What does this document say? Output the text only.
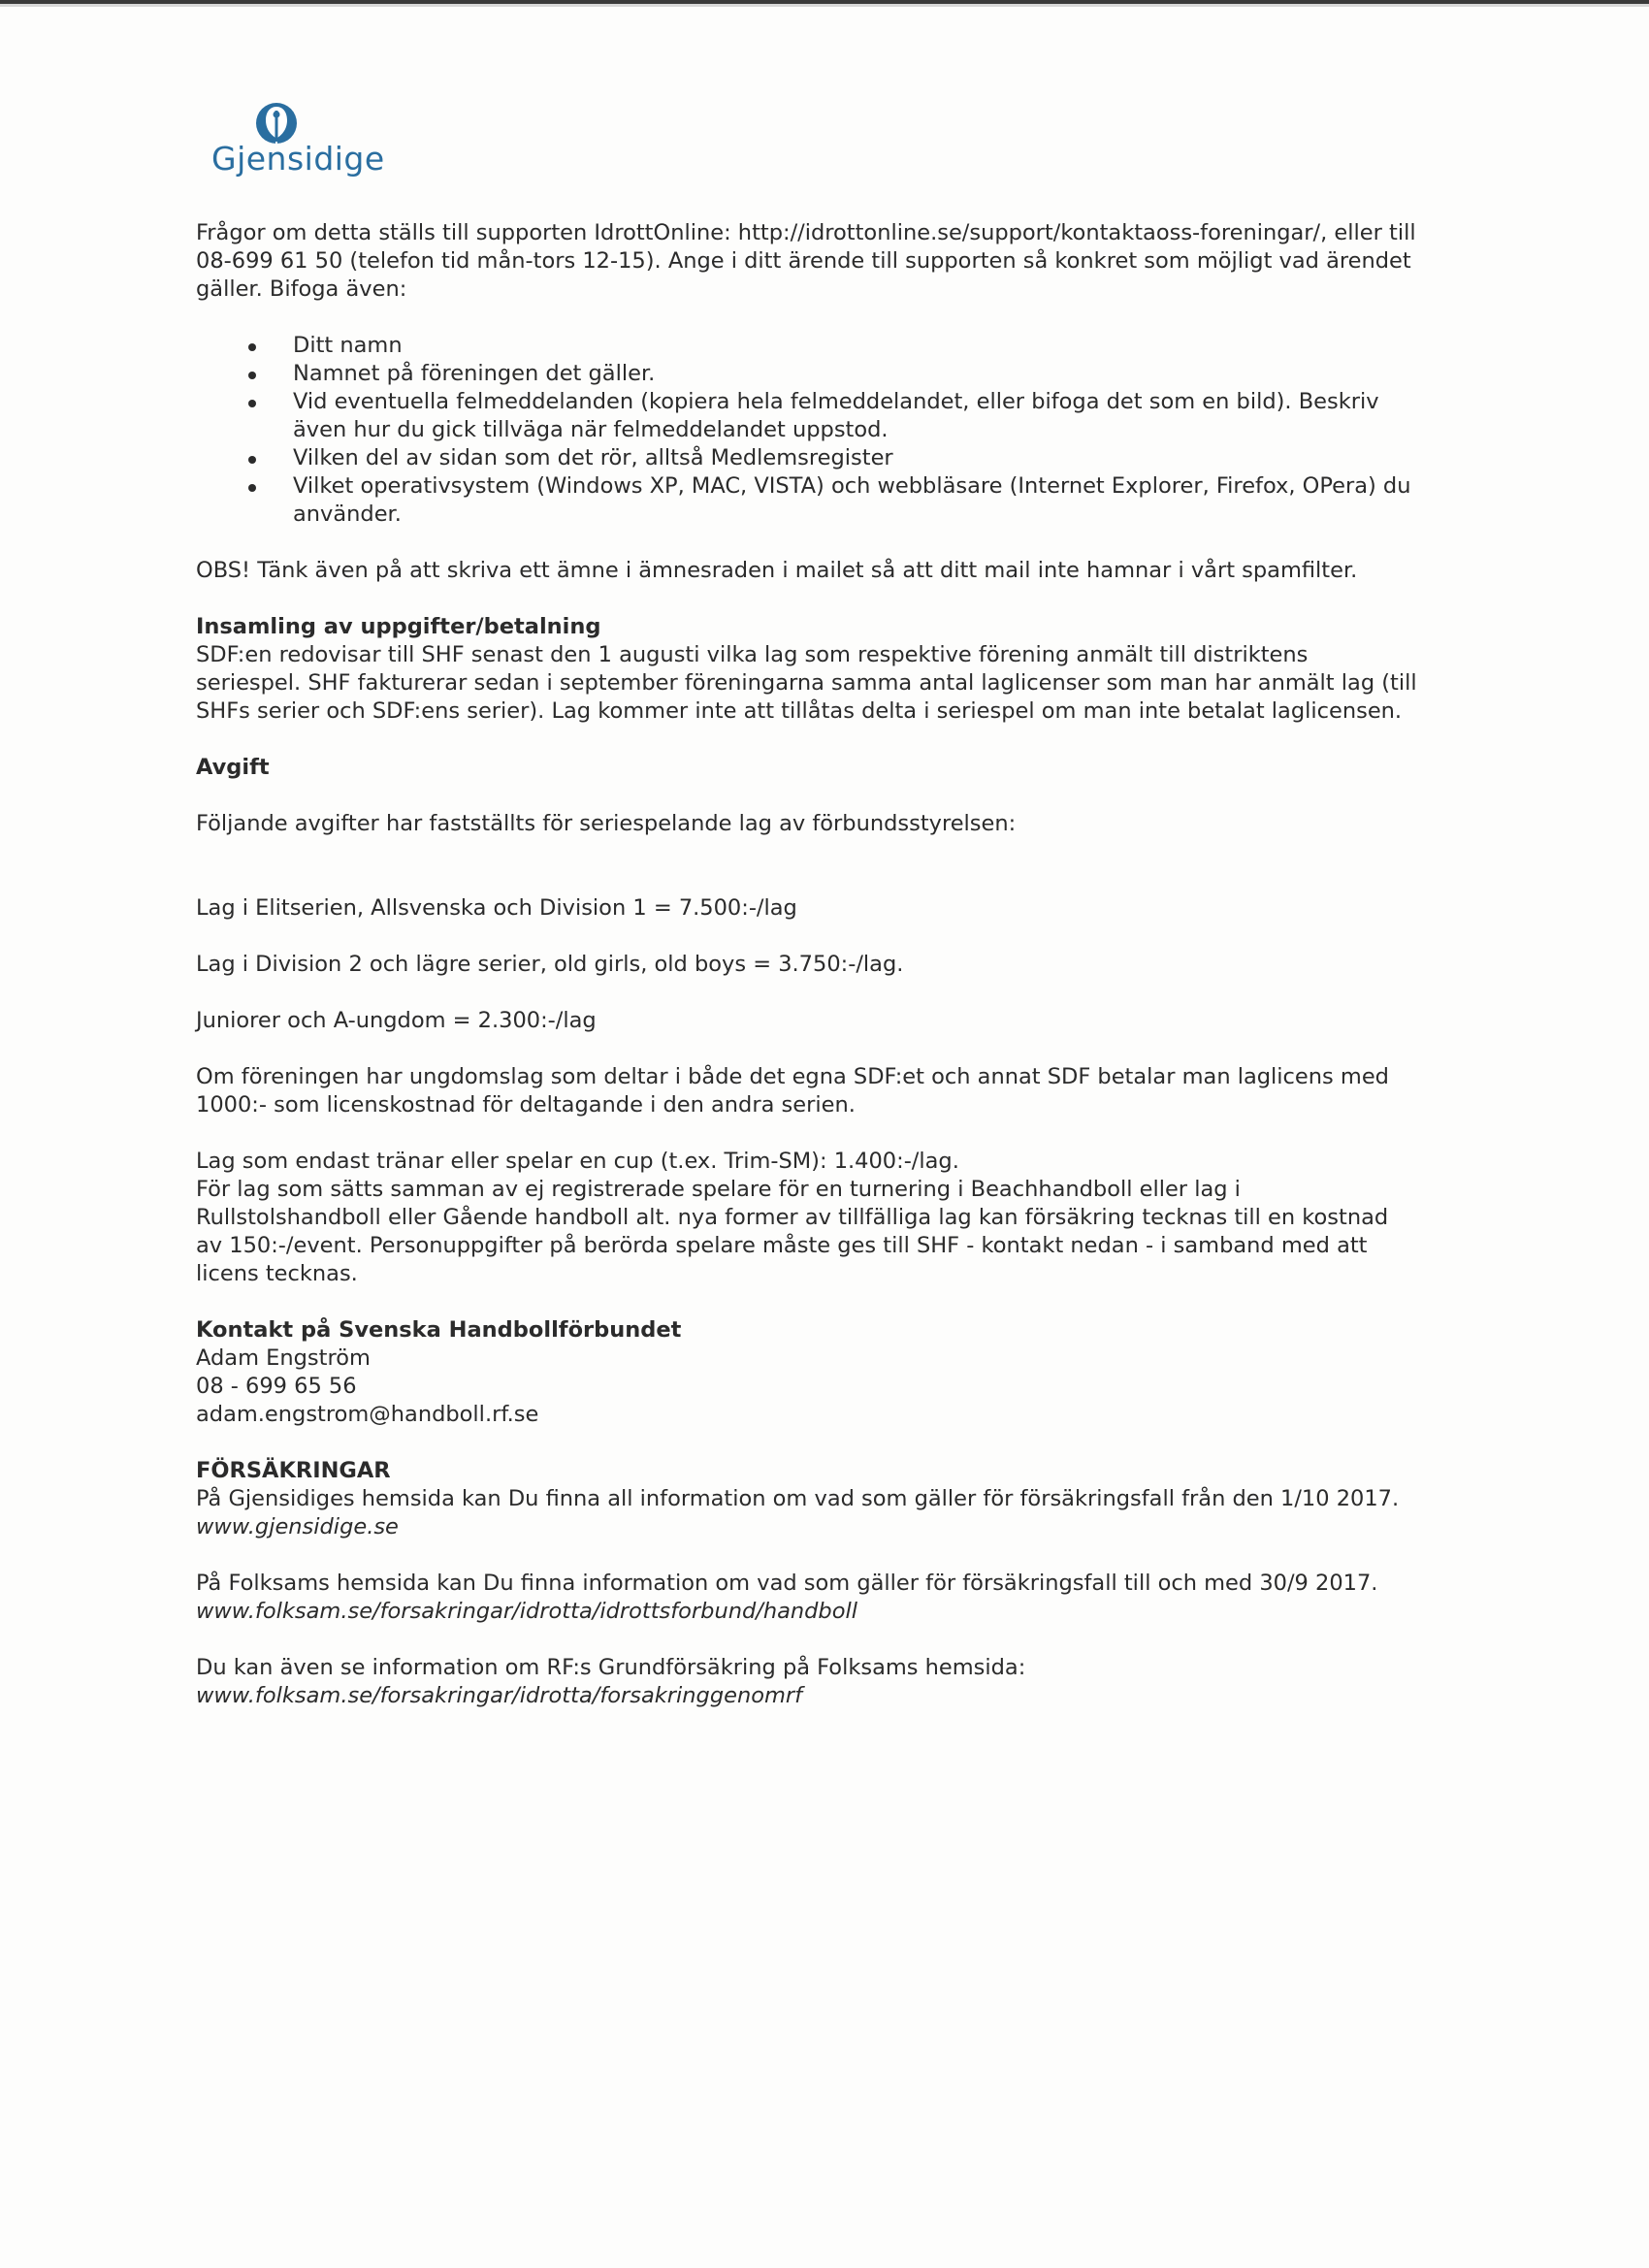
Gjensidige

Frågor om detta ställs till supporten IdrottOnline: http://idrottonline.se/support/kontaktaoss-foreningar/, eller till 08-699 61 50 (telefon tid mån-tors 12-15). Ange i ditt ärende till supporten så konkret som möjligt vad ärendet gäller. Bifoga även:

Ditt namn
Namnet på föreningen det gäller.
Vid eventuella felmeddelanden (kopiera hela felmeddelandet, eller bifoga det som en bild). Beskriv även hur du gick tillväga när felmeddelandet uppstod.
Vilken del av sidan som det rör, alltså Medlemsregister
Vilket operativsystem (Windows XP, MAC, VISTA) och webbläsare (Internet Explorer, Firefox, OPera) du använder.

OBS! Tänk även på att skriva ett ämne i ämnesraden i mailet så att ditt mail inte hamnar i vårt spamfilter.

Insamling av uppgifter/betalning

SDF:en redovisar till SHF senast den 1 augusti vilka lag som respektive förening anmält till distriktens seriespel. SHF fakturerar sedan i september föreningarna samma antal laglicenser som man har anmält lag (till SHFs serier och SDF:ens serier). Lag kommer inte att tillåtas delta i seriespel om man inte betalat laglicensen.

Avgift

Följande avgifter har fastställts för seriespelande lag av förbundsstyrelsen:

Lag i Elitserien, Allsvenska och Division 1 = 7.500:-/lag

Lag i Division 2 och lägre serier, old girls, old boys = 3.750:-/lag.

Juniorer och A-ungdom = 2.300:-/lag

Om föreningen har ungdomslag som deltar i både det egna SDF:et och annat SDF betalar man laglicens med 1000:- som licenskostnad för deltagande i den andra serien.

Lag som endast tränar eller spelar en cup (t.ex. Trim-SM): 1.400:-/lag.

För lag som sätts samman av ej registrerade spelare för en turnering i Beachhandboll eller lag i Rullstolshandboll eller Gående handboll alt. nya former av tillfälliga lag kan försäkring tecknas till en kostnad av 150:-/event. Personuppgifter på berörda spelare måste ges till SHF - kontakt nedan - i samband med att licens tecknas.

Kontakt på Svenska Handbollförbundet

Adam Engström

08 - 699 65 56

adam.engstrom@handboll.rf.se

FÖRSÄKRINGAR

På Gjensidiges hemsida kan Du finna all information om vad som gäller för försäkringsfall från den 1/10 2017. www.gjensidige.se

På Folksams hemsida kan Du finna information om vad som gäller för försäkringsfall till och med 30/9 2017. www.folksam.se/forsakringar/idrotta/idrottsforbund/handboll

Du kan även se information om RF:s Grundförsäkring på Folksams hemsida:

www.folksam.se/forsakringar/idrotta/forsakringgenomrf
